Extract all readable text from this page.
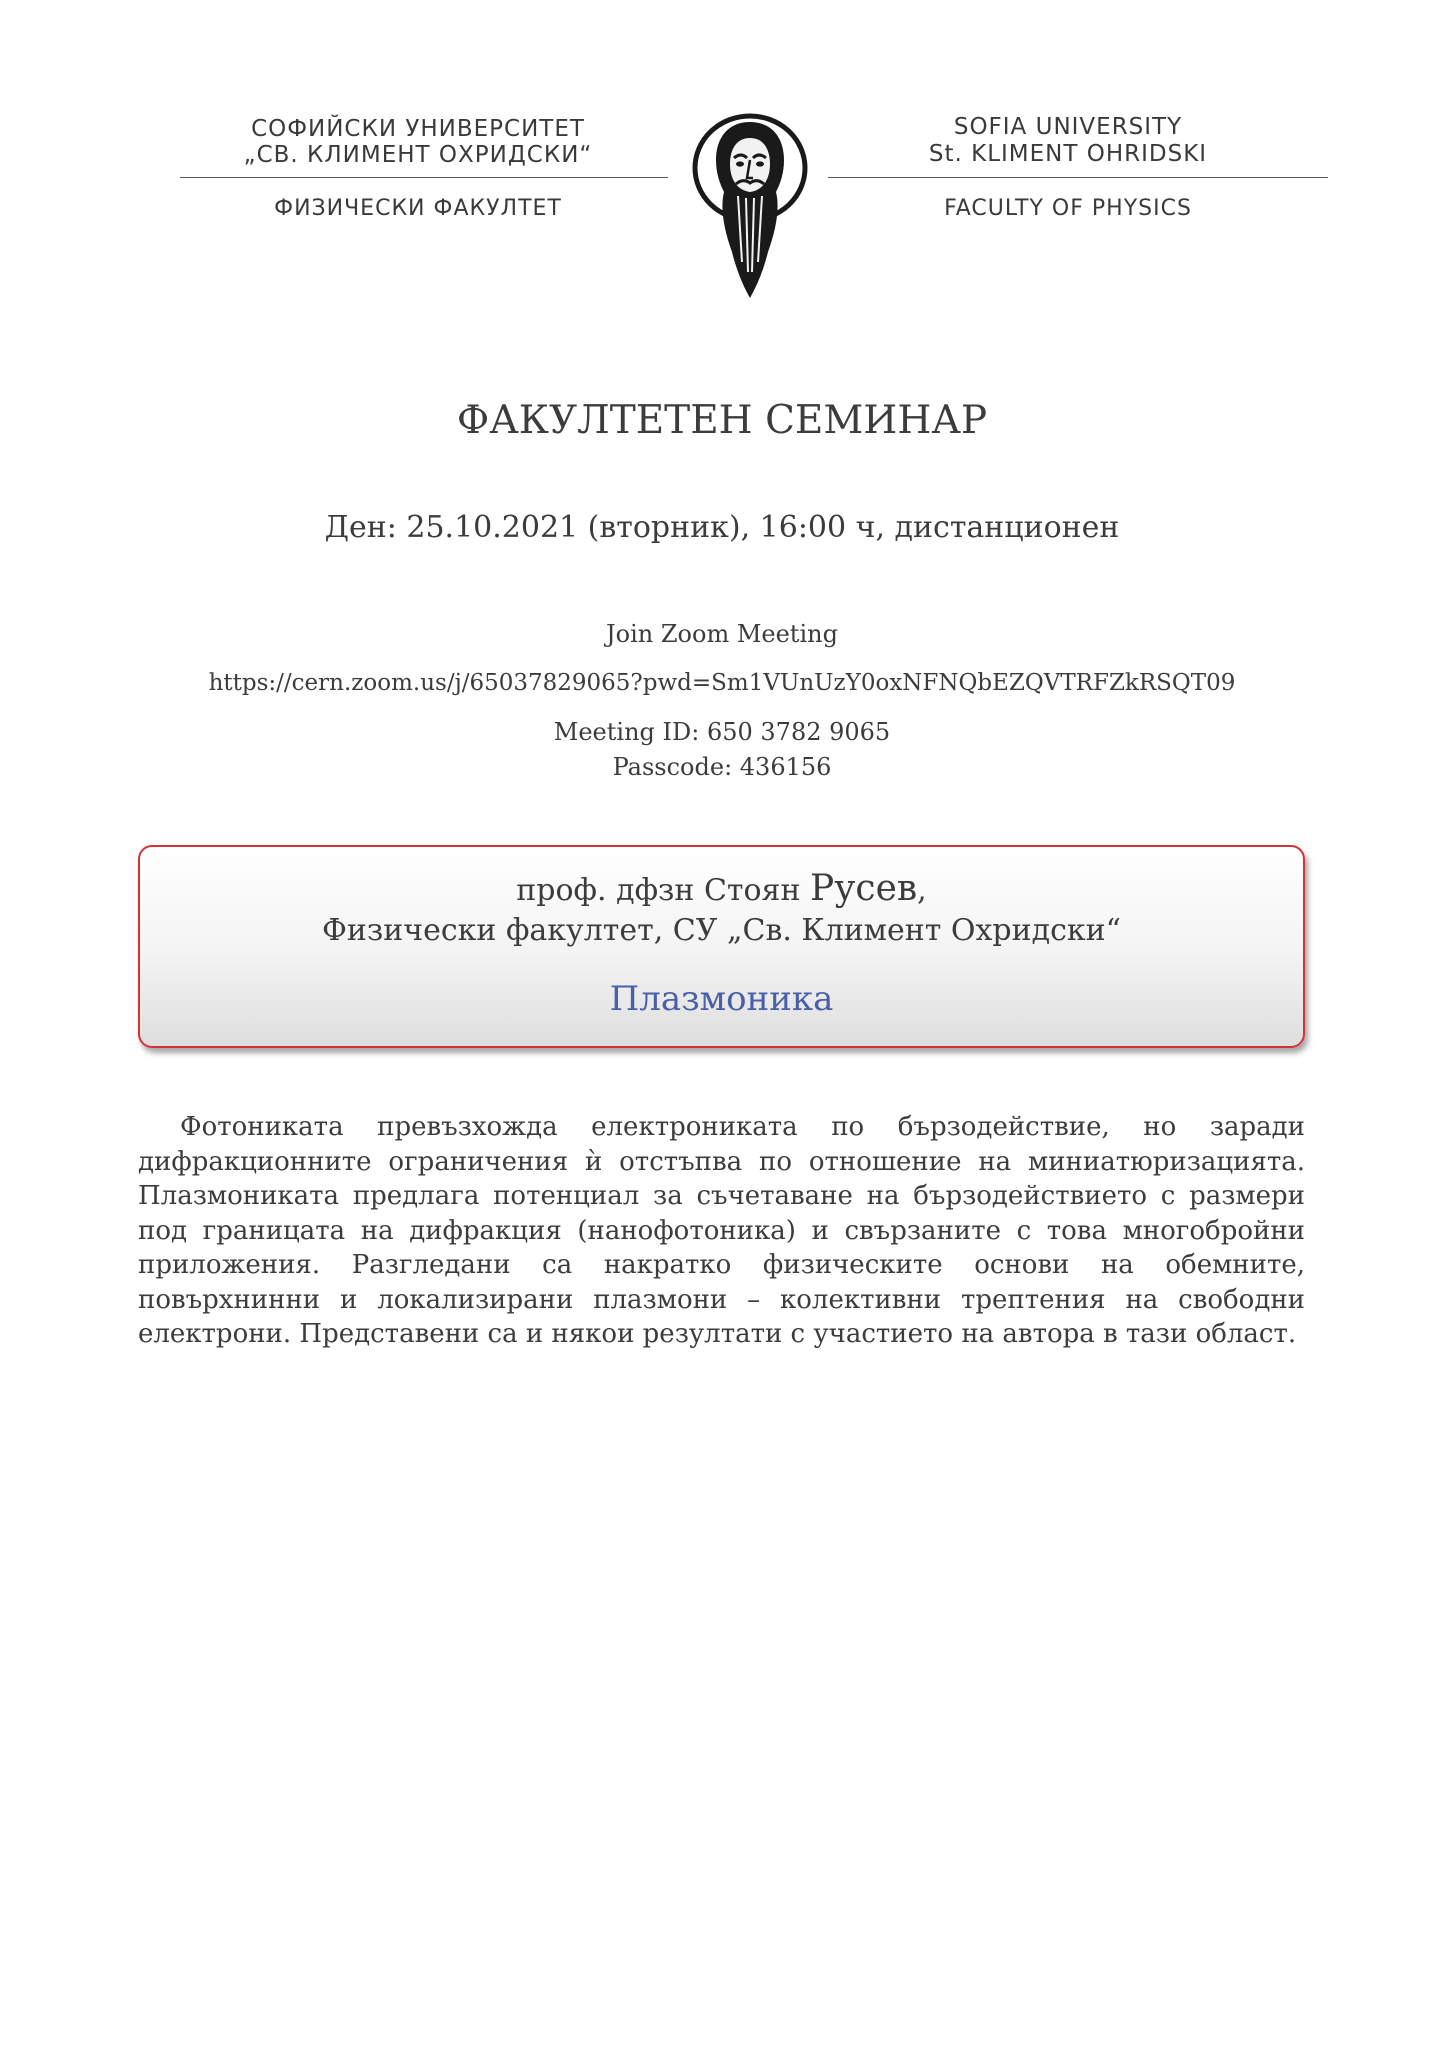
СОФИЙСКИ УНИВЕРСИТЕТ
„СВ. КЛИМЕНТ ОХРИДСКИ“
ФИЗИЧЕСКИ ФАКУЛТЕТ
SOFIA UNIVERSITY
St. KLIMENT OHRIDSKI
FACULTY OF PHYSICS
ФАКУЛТЕТЕН СЕМИНАР
Ден: 25.10.2021 (вторник), 16:00 ч, дистанционен
Join Zoom Meeting
https://cern.zoom.us/j/65037829065?pwd=Sm1VUnUzY0oxNFNQbEZQVTRFZkRSQT09
Meeting ID: 650 3782 9065
Passcode: 436156
проф. дфзн Стоян Русев,
Физически факултет, СУ „Св. Климент Охридски“
Плазмоника

Фотониката превъзхожда електрониката по бързодействие, но заради дифракционните ограничения ѝ отстъпва по отношение на миниатюризацията. Плазмониката предлага потенциал за съчетаване на бързодействието с размери под границата на дифракция (нанофотоника) и свързаните с това многобройни приложения. Разгледани са накратко физическите основи на обемните, повърхнинни и локализирани плазмони – колективни трептения на свободни електрони. Представени са и някои резултати с участието на автора в тази област.
